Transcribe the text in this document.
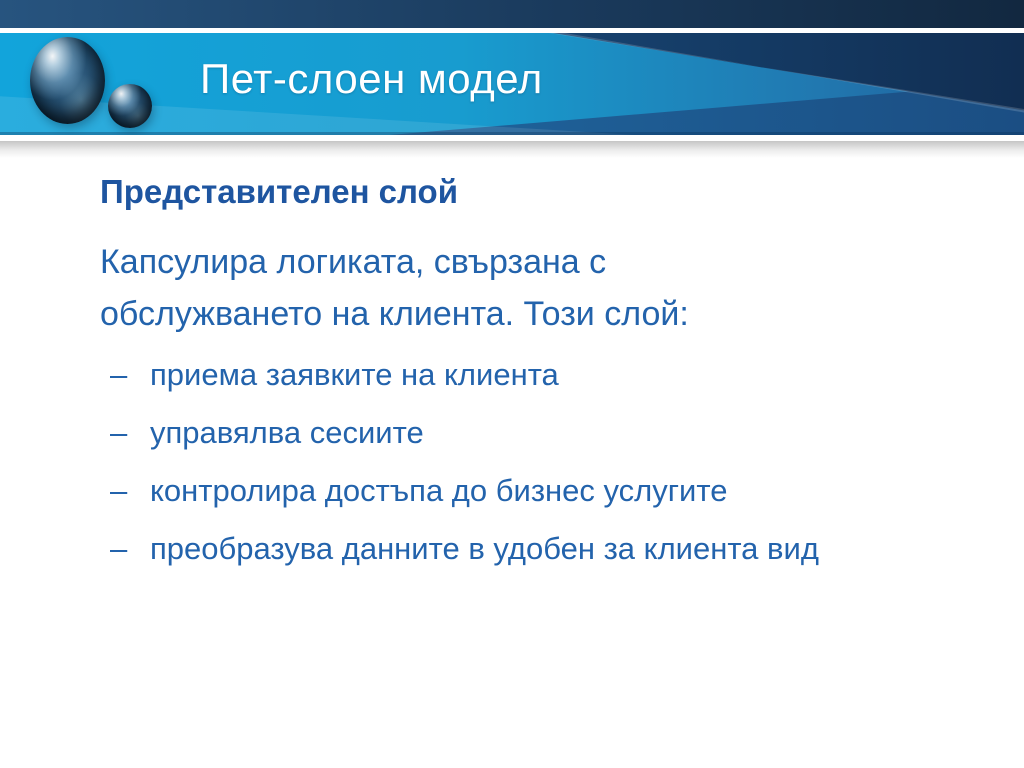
Пет-слоен модел
Представителен слой

Капсулира логиката, свързана с
обслужването на клиента. Този слой:

– приема заявките на клиента
– управялва сесиите
– контролира достъпа до бизнес услугите
– преобразува данните в удобен за клиента вид
